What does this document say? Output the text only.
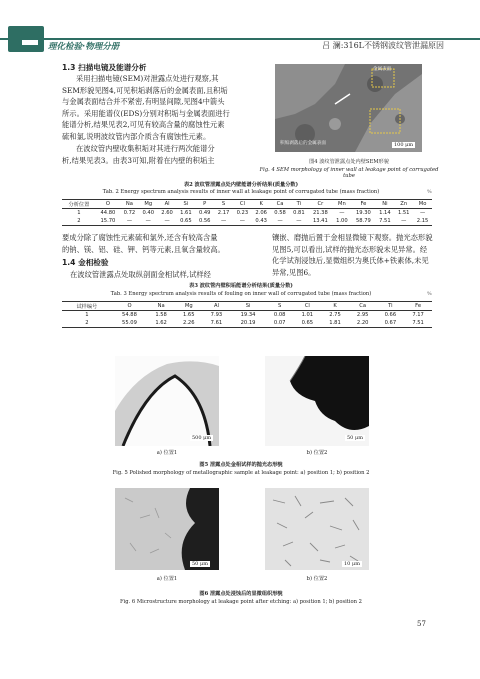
理化检验·物理分册	吕 澜:316L不锈钢波纹管泄漏原因
1.3 扫描电镜及能谱分析
采用扫描电镜(SEM)对泄露点处进行观察,其
SEM形貌见图4,可见积垢剥落后的金属表面,且积垢
与金属表面结合并不紧密,有明显间隙,见图4中箭头
所示。采用能谱仪(EDS)分别对积垢与金属表面进行
能谱分析,结果见表2,可见有较高含量的腐蚀性元素
硫和氯,说明波纹管内部介质含有腐蚀性元素。
在波纹管内壁收集积垢对其进行两次能谱分
析,结果见表3。由表3可知,附着在内壁的积垢主
金属表面
积垢剥落后的金属表面	100 μm
图4 波纹管泄露点处内壁SEM形貌
Fig. 4 SEM morphology of inner wall at leakage point of corrugated tube
表2 波纹管泄露点处内壁能谱分析结果(质量分数)
Tab. 2 Energy spectrum analysis results of inner wall at leakage point of corrugated tube (mass fraction)	%
分析位置	O	Na	Mg	Al	Si	P	S	Cl	K	Ca	Ti	Cr	Mn	Fe	Ni	Zn	Mo
1	44.80	0.72	0.40	2.60	1.61	0.49	2.17	0.23	2.06	0.58	0.81	21.38	—	19.30	1.14	1.51	—
2	15.70	—	—	—	0.65	0.56	—	—	0.43	—	—	13.41	1.00	58.79	7.51	—	2.15
要成分除了腐蚀性元素硫和氯外,还含有较高含量
的钠、镁、铝、硅、钾、钙等元素,且氧含量较高。
1.4 金相检验
在波纹管泄露点处取纵剖面金相试样,试样经
镶嵌、磨抛后置于金相显微镜下观察。抛光态形貌
见图5,可以看出,试样的抛光态形貌未见异常。经
化学试剂浸蚀后,显微组织为奥氏体+铁素体,未见
异常,见图6。
表3 波纹管内壁积垢能谱分析结果(质量分数)
Tab. 3 Energy spectrum analysis results of fouling on inner wall of corrugated tube (mass fraction)	%
试样编号	O	Na	Mg	Al	Si	S	Cl	K	Ca	Ti	Fe
1	54.88	1.58	1.65	7.93	19.34	0.08	1.01	2.75	2.95	0.66	7.17
2	55.09	1.62	2.26	7.61	20.19	0.07	0.65	1.81	2.20	0.67	7.51
500 μm	50 μm
a) 位置1	b) 位置2
图5 泄露点处金相试样的抛光态形貌
Fig. 5 Polished morphology of metallographic sample at leakage point: a) position 1; b) position 2
50 μm	10 μm
a) 位置1	b) 位置2
图6 泄露点处浸蚀后的显微组织形貌
Fig. 6 Microstructure morphology at leakage point after etching: a) position 1; b) position 2
57
